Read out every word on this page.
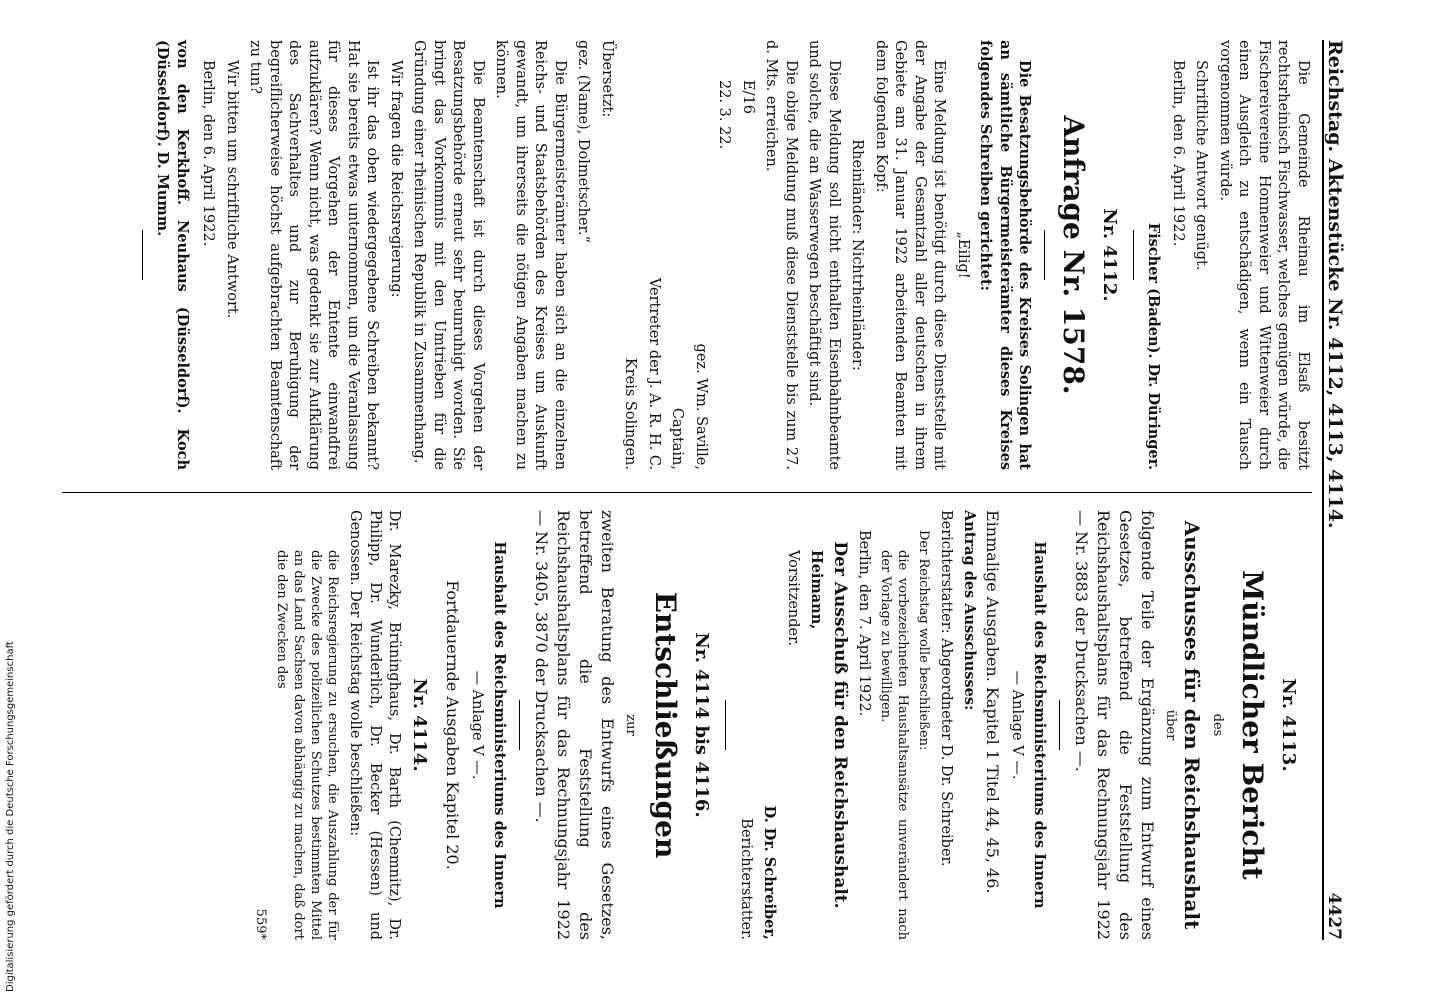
Digitalisierung gefördert durch die Deutsche Forschungsgemeinschaft
Reichstag. Aktenstücke Nr. 4112, 4113, 4114.
4427

Die Gemeinde Rheinau im Elsaß besitzt rechtsrheinisch Fischwasser, welches genügen würde, die Fischereivereine Honnenweier und Wittenweier durch einen Ausgleich zu entschädigen, wenn ein Tausch vorgenommen würde.

Schriftliche Antwort genügt.

Berlin, den 6. April 1922.

Fischer (Baden). Dr. Düringer.

Nr. 4112.
Anfrage Nr. 1578.

Die Besatzungsbehörde des Kreises Solingen hat an sämtliche Bürgermeisterämter dieses Kreises folgendes Schreiben gerichtet:

„Eilig!

Eine Meldung ist benötigt durch diese Dienststelle mit der Angabe der Gesamtzahl aller deutschen in ihrem Gebiete am 31. Januar 1922 arbeitenden Beamten mit dem folgenden Kopf:

Rheinländer: Nichtrheinländer:

Diese Meldung soll nicht enthalten Eisenbahnbeamte und solche, die an Wasserwegen beschäftigt sind.

Die obige Meldung muß diese Dienststelle bis zum 27. d. Mts. erreichen.

E/16

22. 3. 22.

gez. Wm. Saville,

Captain,

Vertreter der J. A. R. H. C.

Kreis Solingen.

Übersetzt:

gez. (Name), Dolmetscher.“

Die Bürgermeisterämter haben sich an die einzelnen Reichs- und Staatsbehörden des Kreises um Auskunft gewandt, um ihrerseits die nötigen Angaben machen zu können.

Die Beamtenschaft ist durch dieses Vorgehen der Besatzungsbehörde erneut sehr beunruhigt worden. Sie bringt das Vorkommnis mit den Umtrieben für die Gründung einer rheinischen Republik in Zusammenhang.

Wir fragen die Reichsregierung:

Ist ihr das oben wiedergegebene Schreiben bekannt? Hat sie bereits etwas unternommen, um die Veranlassung für dieses Vorgehen der Entente einwandfrei aufzuklären? Wenn nicht, was gedenkt sie zur Aufklärung des Sachverhaltes und zur Beruhigung der begreiflicherweise höchst aufgebrachten Beamtenschaft zu tun?

Wir bitten um schriftliche Antwort.

Berlin, den 6. April 1922.

von den Kerkhoff. Neuhaus (Düsseldorf). Koch (Düsseldorf). D. Mumm.

Nr. 4113.
Mündlicher Bericht

des

Ausschusses für den Reichshaushalt

über

folgende Teile der Ergänzung zum Entwurf eines Gesetzes, betreffend die Feststellung des Reichshaushaltsplans für das Rechnungsjahr 1922 — Nr. 3883 der Drucksachen —.

Haushalt des Reichsministeriums des Innern

— Anlage V —.

Einmalige Ausgaben. Kapitel 1 Titel 44, 45, 46.

Antrag des Ausschusses:

Berichterstatter: Abgeordneter D. Dr. Schreiber.

Der Reichstag wolle beschließen:

die vorbezeichneten Haushaltsansätze unverändert nach der Vorlage zu bewilligen.

Berlin, den 7. April 1922.

Der Ausschuß für den Reichshaushalt.

Heimann,

Vorsitzender.

D. Dr. Schreiber,

Berichterstatter.

Nr. 4114 bis 4116.
Entschließungen

zur

zweiten Beratung des Entwurfs eines Gesetzes, betreffend die Feststellung des Reichshaushaltsplans für das Rechnungsjahr 1922 — Nr. 3405, 3870 der Drucksachen —.

Haushalt des Reichsministeriums des Innern

— Anlage V —.

Fortdauernde Ausgaben Kapitel 20.

Nr. 4114.

Dr. Marezky, Brüninghaus, Dr. Barth (Chemnitz), Dr. Philipp, Dr. Wunderlich, Dr. Becker (Hessen) und Genossen. Der Reichstag wolle beschließen:

die Reichsregierung zu ersuchen, die Auszahlung der für die Zwecke des polizeilichen Schutzes bestimmten Mittel an das Land Sachsen davon abhängig zu machen, daß dort die den Zwecken des

559*
